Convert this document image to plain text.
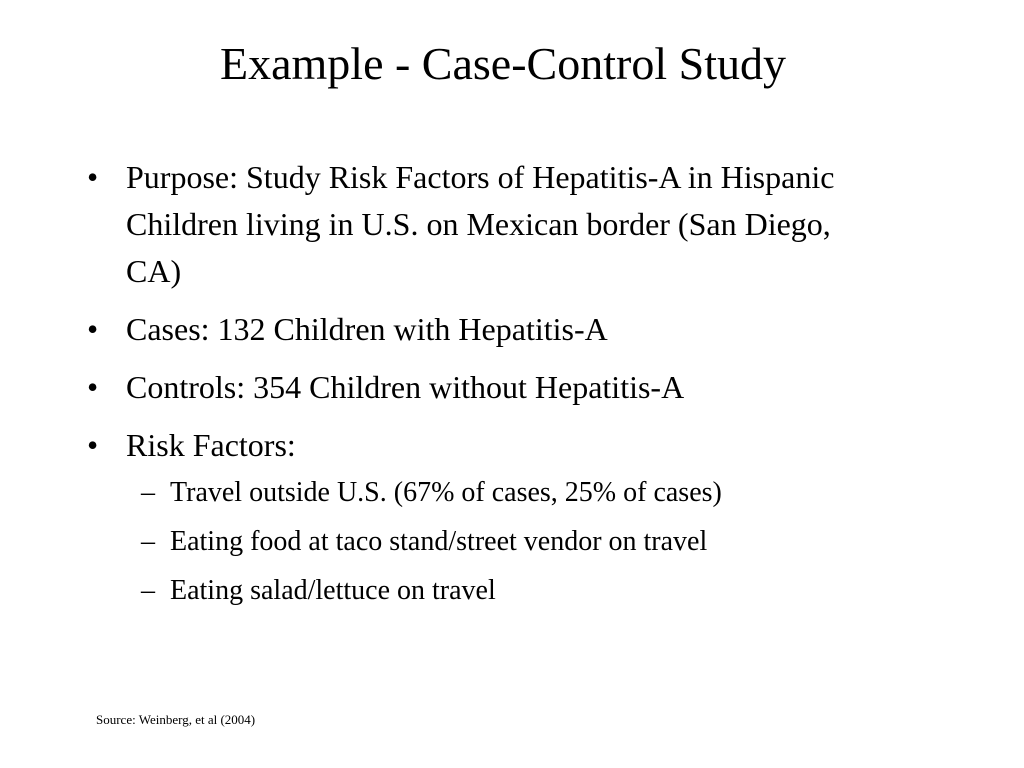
Example - Case-Control Study
• Purpose: Study Risk Factors of Hepatitis-A in Hispanic Children living in U.S. on Mexican border (San Diego, CA)
• Cases: 132 Children with Hepatitis-A
• Controls: 354 Children without Hepatitis-A
• Risk Factors:
– Travel outside U.S. (67% of cases, 25% of cases)
– Eating food at taco stand/street vendor on travel
– Eating salad/lettuce on travel
Source: Weinberg, et al (2004)
